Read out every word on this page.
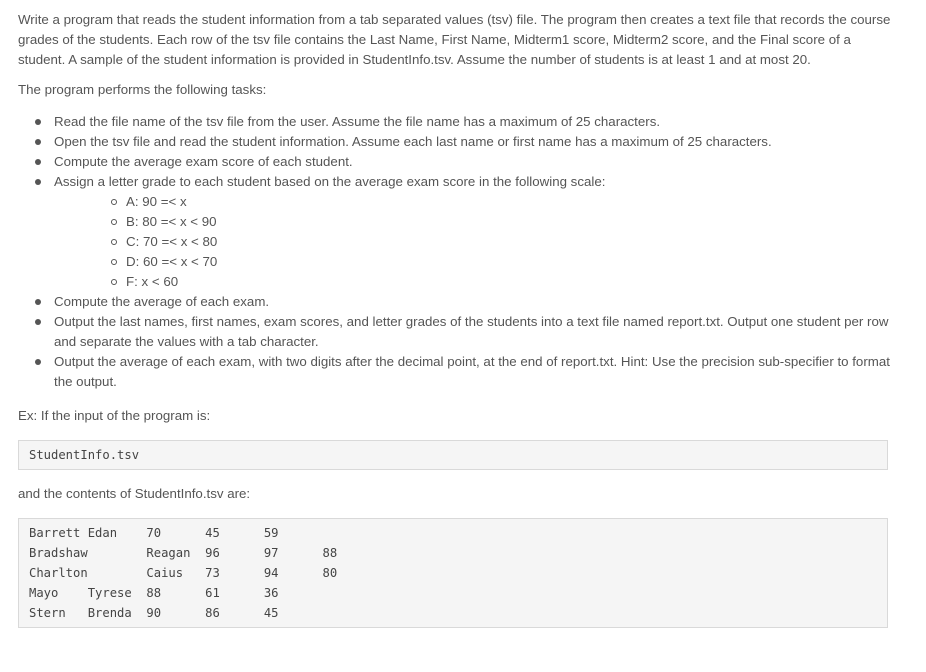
Write a program that reads the student information from a tab separated values (tsv) file. The program then creates a text file that records the course grades of the students. Each row of the tsv file contains the Last Name, First Name, Midterm1 score, Midterm2 score, and the Final score of a student. A sample of the student information is provided in StudentInfo.tsv. Assume the number of students is at least 1 and at most 20.

The program performs the following tasks:

Read the file name of the tsv file from the user. Assume the file name has a maximum of 25 characters.
Open the tsv file and read the student information. Assume each last name or first name has a maximum of 25 characters.
Compute the average exam score of each student.
Assign a letter grade to each student based on the average exam score in the following scale:
A: 90 =< x
B: 80 =< x < 90
C: 70 =< x < 80
D: 60 =< x < 70
F: x < 60
Compute the average of each exam.
Output the last names, first names, exam scores, and letter grades of the students into a text file named report.txt. Output one student per row and separate the values with a tab character.
Output the average of each exam, with two digits after the decimal point, at the end of report.txt. Hint: Use the precision sub-specifier to format the output.

Ex: If the input of the program is:

StudentInfo.tsv

and the contents of StudentInfo.tsv are:

Barrett	Edan	70	45	59
Bradshaw	Reagan	96	97	88
Charlton	Caius	73	94	80
Mayo	Tyrese	88	61	36
Stern	Brenda	90	86	45
